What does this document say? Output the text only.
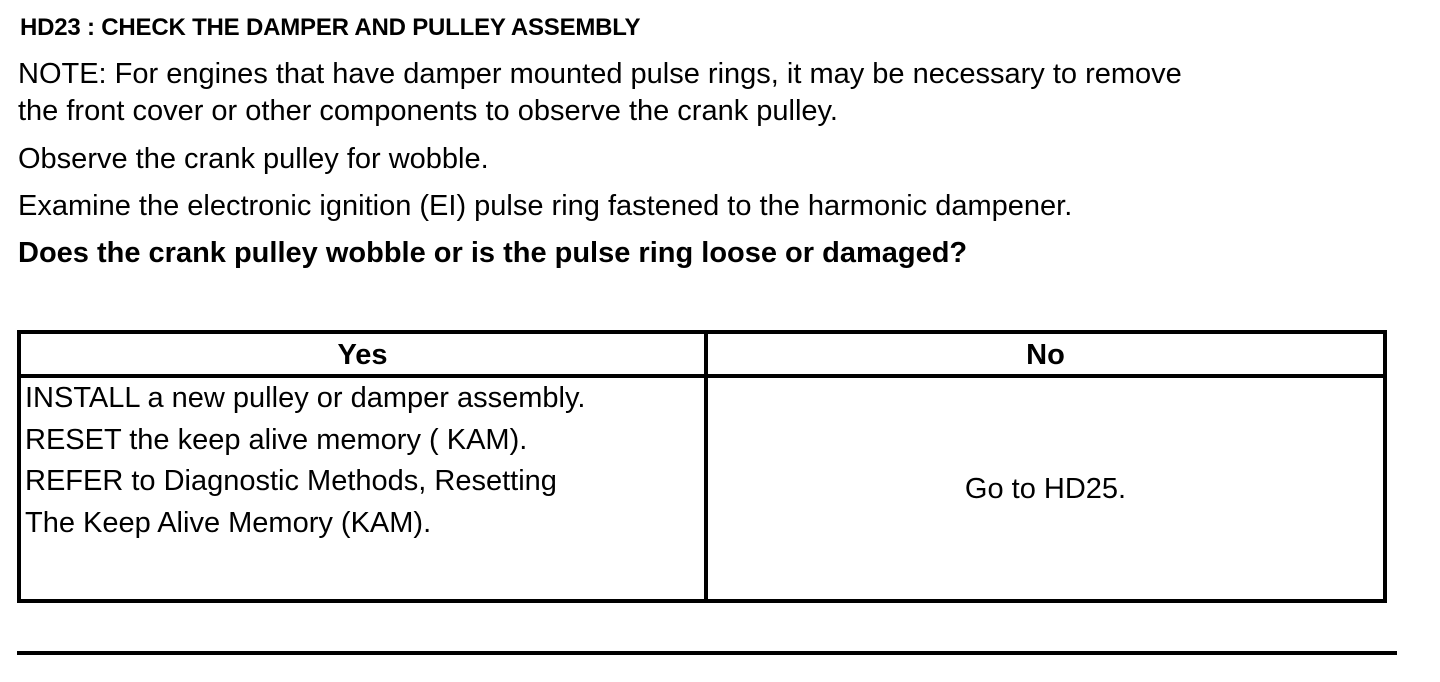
HD23 : CHECK THE DAMPER AND PULLEY ASSEMBLY
NOTE: For engines that have damper mounted pulse rings, it may be necessary to remove
the front cover or other components to observe the crank pulley.
Observe the crank pulley for wobble.
Examine the electronic ignition (EI) pulse ring fastened to the harmonic dampener.
Does the crank pulley wobble or is the pulse ring loose or damaged?
Yes	No
INSTALL a new pulley or damper assembly.
RESET the keep alive memory ( KAM).
REFER to Diagnostic Methods, Resetting
The Keep Alive Memory (KAM).
Go to HD25.
